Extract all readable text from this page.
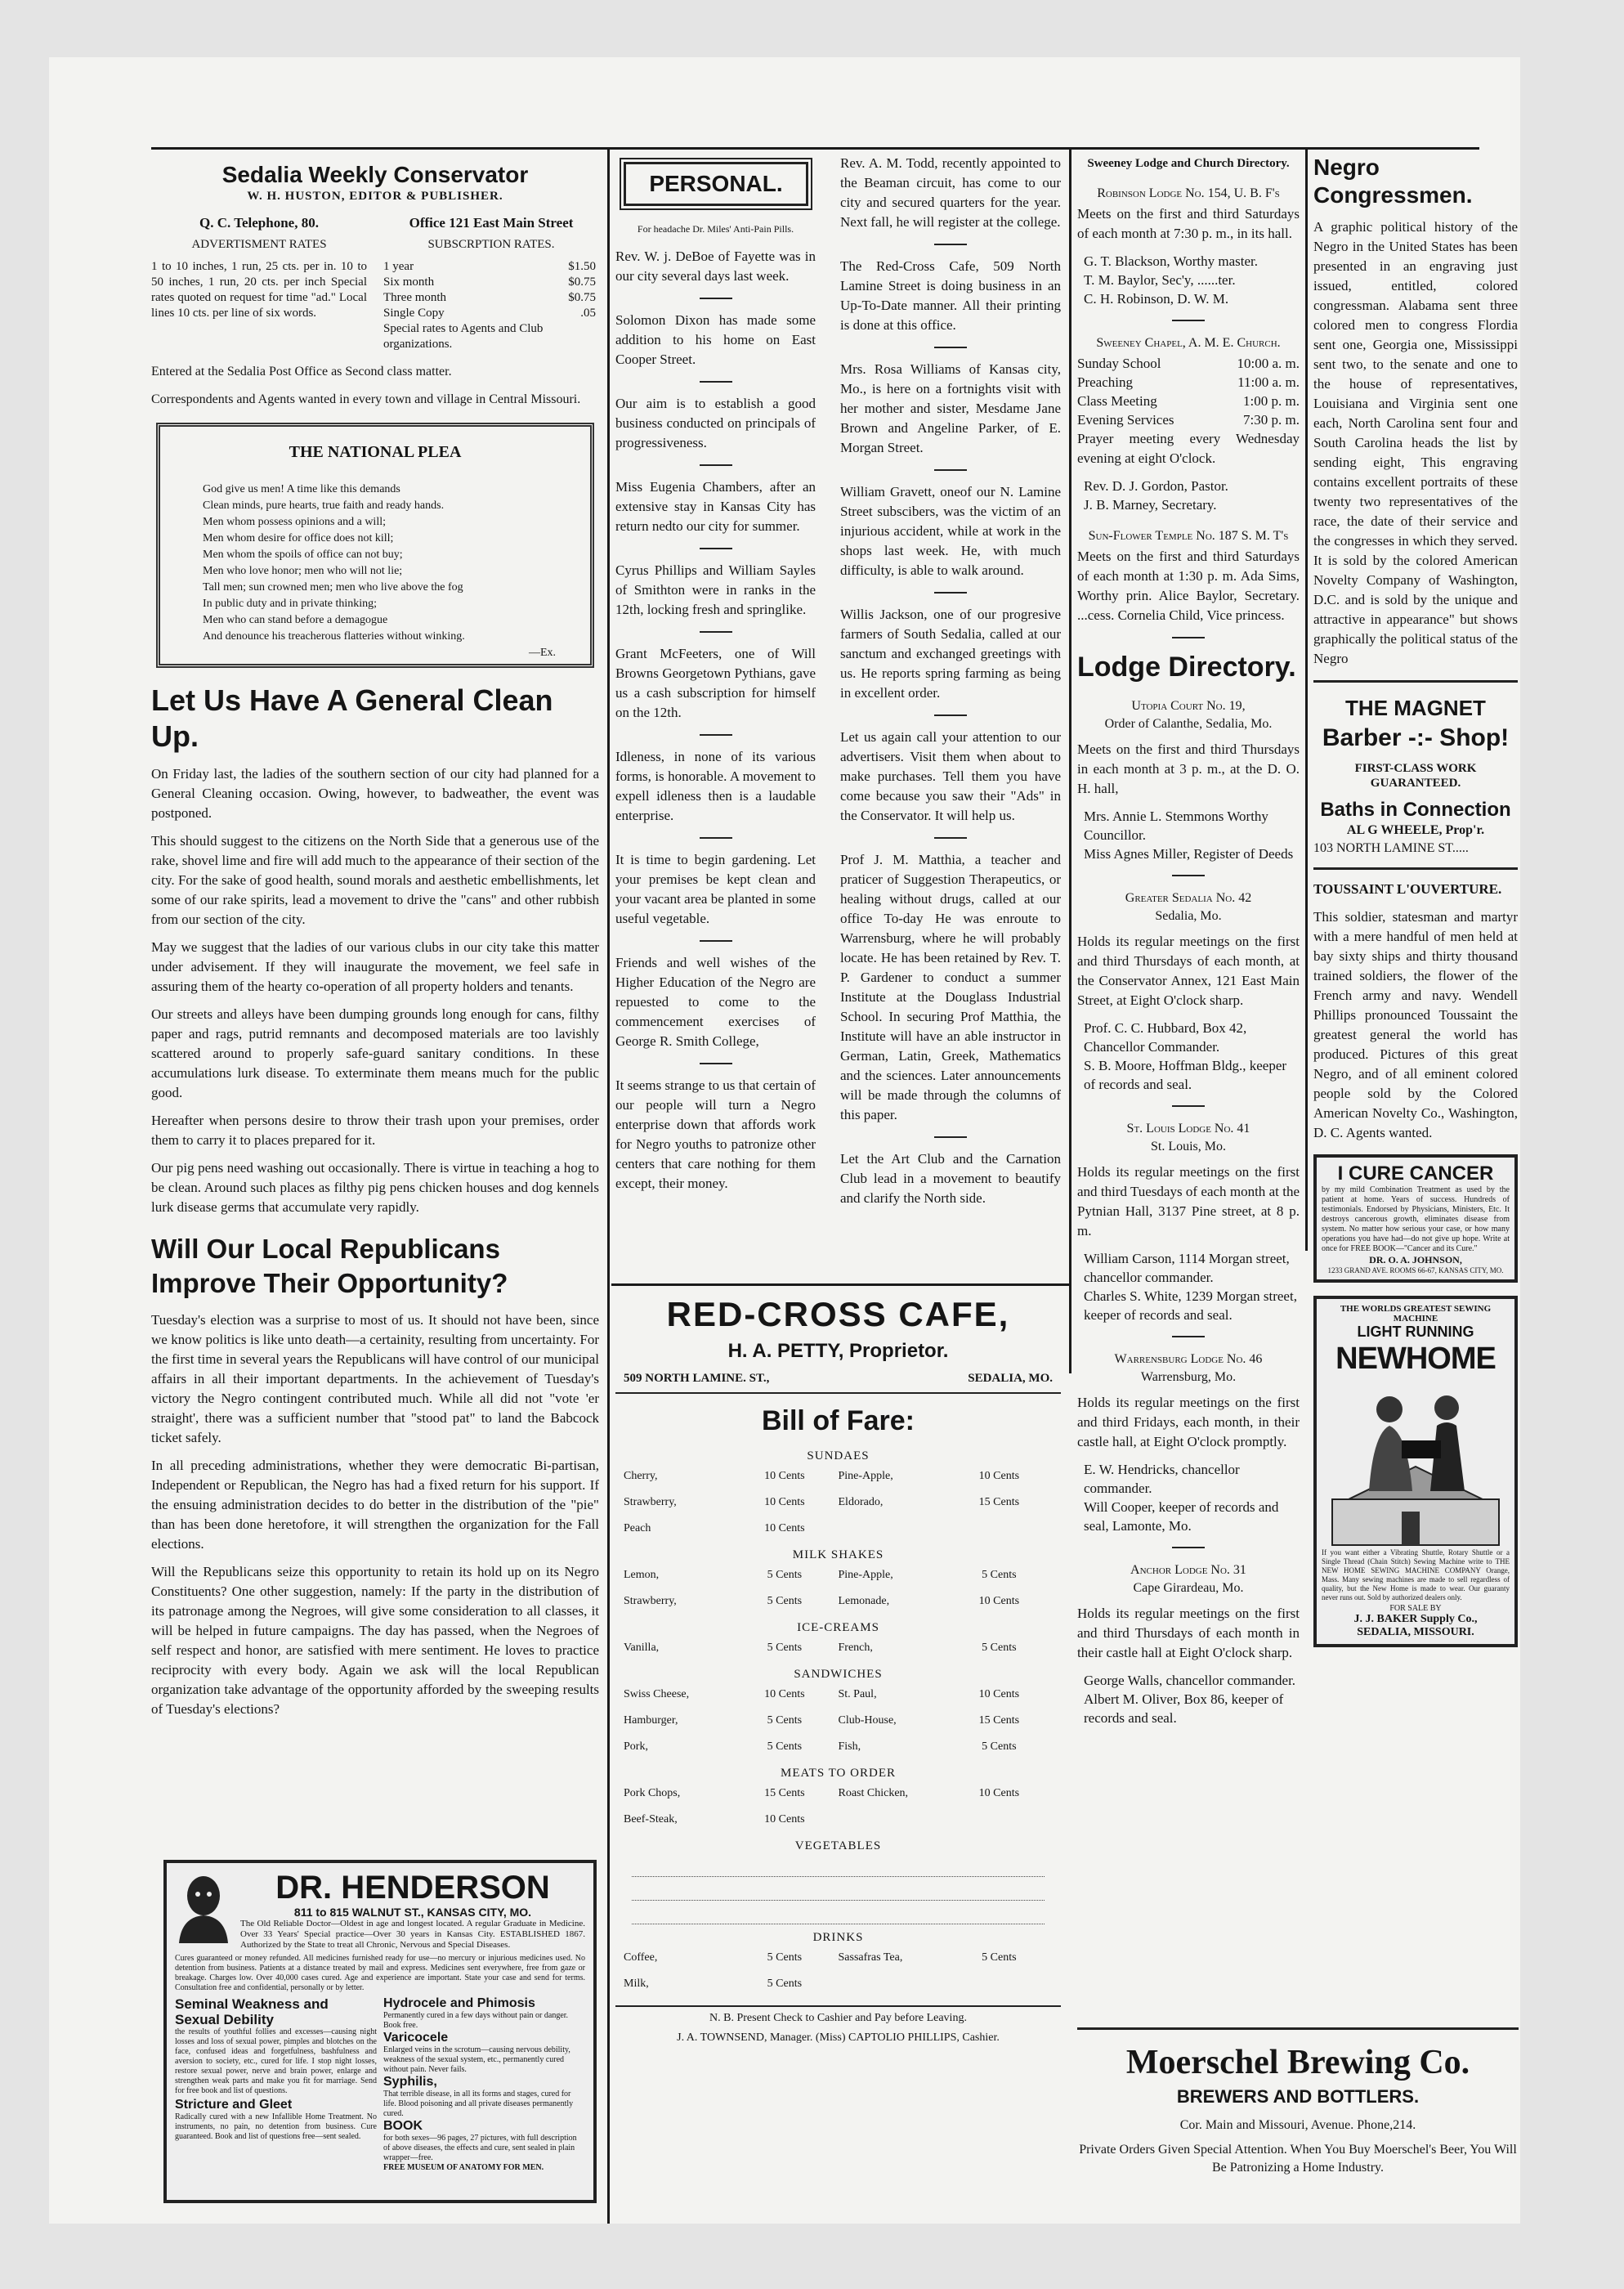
Sedalia Weekly Conservator
W. H. HUSTON, EDITOR & PUBLISHER.
Q. C. Telephone, 80.
ADVERTISMENT RATES
1 to 10 inches, 1 run, 25 cts. per in. 10 to 50 inches, 1 run, 20 cts. per inch Special rates quoted on request for time "ad." Local lines 10 cts. per line of six words.
Office 121 East Main Street
SUBSCRPTION RATES.
1 year	$1.50
Six month	$0.75
Three month	$0.75
Single Copy	.05
Special rates to Agents and Club organizations.

Entered at the Sedalia Post Office as Second class matter.

Correspondents and Agents wanted in every town and village in Central Missouri.

THE NATIONAL PLEA
God give us men! A time like this demands
Clean minds, pure hearts, true faith and ready hands.
Men whom possess opinions and a will;
Men whom desire for office does not kill;
Men whom the spoils of office can not buy;
Men who love honor; men who will not lie;
Tall men; sun crowned men; men who live above the fog
In public duty and in private thinking;
Men who can stand before a demagogue
And denounce his treacherous flatteries without winking.
—Ex.
Let Us Have A General Clean Up.

On Friday last, the ladies of the southern section of our city had planned for a General Cleaning occasion. Owing, however, to badweather, the event was postponed.

This should suggest to the citizens on the North Side that a generous use of the rake, shovel lime and fire will add much to the appearance of their section of the city. For the sake of good health, sound morals and aesthetic embellishments, let some of our rake spirits, lead a movement to drive the "cans" and other rubbish from our section of the city.

May we suggest that the ladies of our various clubs in our city take this matter under advisement. If they will inaugurate the movement, we feel safe in assuring them of the hearty co-operation of all property holders and tenants.

Our streets and alleys have been dumping grounds long enough for cans, filthy paper and rags, putrid remnants and decomposed materials are too lavishly scattered around to properly safe-guard sanitary conditions. In these accumulations lurk disease. To exterminate them means much for the public good.

Hereafter when persons desire to throw their trash upon your premises, order them to carry it to places prepared for it.

Our pig pens need washing out occasionally. There is virtue in teaching a hog to be clean. Around such places as filthy pig pens chicken houses and dog kennels lurk disease germs that accumulate very rapidly.

Will Our Local Republicans Improve Their Opportunity?

Tuesday's election was a surprise to most of us. It should not have been, since we know politics is like unto death—a certainity, resulting from uncertainty. For the first time in several years the Republicans will have control of our municipal affairs in all their important departments. In the achievement of Tuesday's victory the Negro contingent contributed much. While all did not "vote 'er straight', there was a sufficient number that "stood pat" to land the Babcock ticket safely.

In all preceding administrations, whether they were democratic Bi-partisan, Independent or Republican, the Negro has had a fixed return for his support. If the ensuing administration decides to do better in the distribution of the "pie" than has been done heretofore, it will strengthen the organization for the Fall elections.

Will the Republicans seize this opportunity to retain its hold up on its Negro Constituents? One other suggestion, namely: If the party in the distribution of its patronage among the Negroes, will give some consideration to all classes, it will be helped in future campaigns. The day has passed, when the Negroes of self respect and honor, are satisfied with mere sentiment. He loves to practice reciprocity with every body. Again we ask will the local Republican organization take advantage of the opportunity afforded by the sweeping results of Tuesday's elections?

DR. HENDERSON
811 to 815 WALNUT ST., KANSAS CITY, MO.
The Old Reliable Doctor—Oldest in age and longest located. A regular Graduate in Medicine. Over 33 Years' Special practice—Over 30 years in Kansas City. ESTABLISHED 1867. Authorized by the State to treat all Chronic, Nervous and Special Diseases.
Cures guaranteed or money refunded. All medicines furnished ready for use—no mercury or injurious medicines used. No detention from business. Patients at a distance treated by mail and express. Medicines sent everywhere, free from gaze or breakage. Charges low. Over 40,000 cases cured. Age and experience are important. State your case and send for terms. Consultation free and confidential, personally or by letter.
Seminal Weakness and Sexual Debility
the results of youthful follies and excesses—causing night losses and loss of sexual power, pimples and blotches on the face, confused ideas and forgetfulness, bashfulness and aversion to society, etc., cured for life. I stop night losses, restore sexual power, nerve and brain power, enlarge and strengthen weak parts and make you fit for marriage. Send for free book and list of questions.
Stricture and Gleet
Radically cured with a new Infallible Home Treatment. No instruments, no pain, no detention from business. Cure guaranteed. Book and list of questions free—sent sealed.
Hydrocele and Phimosis
Permanently cured in a few days without pain or danger. Book free.
Varicocele
Enlarged veins in the scrotum—causing nervous debility, weakness of the sexual system, etc., permanently cured without pain. Never fails.
Syphilis,
That terrible disease, in all its forms and stages, cured for life. Blood poisoning and all private diseases permanently cured.
BOOK
for both sexes—96 pages, 27 pictures, with full description of above diseases, the effects and cure, sent sealed in plain wrapper—free.
FREE MUSEUM OF ANATOMY FOR MEN.
PERSONAL.

For headache Dr. Miles' Anti-Pain Pills.

Rev. W. j. DeBoe of Fayette was in our city several days last week.

Solomon Dixon has made some addition to his home on East Cooper Street.

Our aim is to establish a good business conducted on principals of progressiveness.

Miss Eugenia Chambers, after an extensive stay in Kansas City has return nedto our city for summer.

Cyrus Phillips and William Sayles of Smithton were in ranks in the 12th, locking fresh and springlike.

Grant McFeeters, one of Will Browns Georgetown Pythians, gave us a cash subscription for himself on the 12th.

Idleness, in none of its various forms, is honorable. A movement to expell idleness then is a laudable enterprise.

It is time to begin gardening. Let your premises be kept clean and your vacant area be planted in some useful vegetable.

Friends and well wishes of the Higher Education of the Negro are repuested to come to the commencement exercises of George R. Smith College,

It seems strange to us that certain of our people will turn a Negro enterprise down that affords work for Negro youths to patronize other centers that care nothing for them except, their money.

Rev. A. M. Todd, recently appointed to the Beaman circuit, has come to our city and secured quarters for the year. Next fall, he will register at the college.

The Red-Cross Cafe, 509 North Lamine Street is doing business in an Up-To-Date manner. All their printing is done at this office.

Mrs. Rosa Williams of Kansas city, Mo., is here on a fortnights visit with her mother and sister, Mesdame Jane Brown and Angeline Parker, of E. Morgan Street.

William Gravett, oneof our N. Lamine Street subscibers, was the victim of an injurious accident, while at work in the shops last week. He, with much difficulty, is able to walk around.

Willis Jackson, one of our progresive farmers of South Sedalia, called at our sanctum and exchanged greetings with us. He reports spring farming as being in excellent order.

Let us again call your attention to our advertisers. Visit them when about to make purchases. Tell them you have come because you saw their "Ads" in the Conservator. It will help us.

Prof J. M. Matthia, a teacher and praticer of Suggestion Therapeutics, or healing without drugs, called at our office To-day He was enroute to Warrensburg, where he will probably locate. He has been retained by Rev. T. P. Gardener to conduct a summer Institute at the Douglass Industrial School. In securing Prof Matthia, the Institute will have an able instructor in German, Latin, Greek, Mathematics and the sciences. Later announcements will be made through the columns of this paper.

Let the Art Club and the Carnation Club lead in a movement to beautify and clarify the North side.

RED-CROSS CAFE,
H. A. PETTY, Proprietor.
509 NORTH LAMINE. ST.,	SEDALIA, MO.
Bill of Fare:
SUNDAES
Cherry,	10 Cents	Pine-Apple,	10 Cents
Strawberry,	10 Cents	Eldorado,	15 Cents
Peach	10 Cents
MILK SHAKES
Lemon,	5 Cents	Pine-Apple,	5 Cents
Strawberry,	5 Cents	Lemonade,	10 Cents
ICE-CREAMS
Vanilla,	5 Cents	French,	5 Cents
SANDWICHES
Swiss Cheese,	10 Cents	St. Paul,	10 Cents
Hamburger,	5 Cents	Club-House,	15 Cents
Pork,	5 Cents	Fish,	5 Cents
MEATS TO ORDER
Pork Chops,	15 Cents	Roast Chicken,	10 Cents
Beef-Steak,	10 Cents
VEGETABLES
DRINKS
Coffee,	5 Cents	Sassafras Tea,	5 Cents
Milk,	5 Cents
N. B. Present Check to Cashier and Pay before Leaving.
J. A. TOWNSEND, Manager. (Miss) CAPTOLIO PHILLIPS, Cashier.
Sweeney Lodge and Church Directory.
Robinson Lodge No. 154, U. B. F's

Meets on the first and third Saturdays of each month at 7:30 p. m., in its hall.

G. T. Blackson, Worthy master.
T. M. Baylor, Sec'y, ......ter.
C. H. Robinson, D. W. M.
Sweeney Chapel, A. M. E. Church.
Sunday School	10:00 a. m.
Preaching	11:00 a. m.
Class Meeting	1:00 p. m.
Evening Services	7:30 p. m.

Prayer meeting every Wednesday evening at eight O'clock.

Rev. D. J. Gordon, Pastor.
J. B. Marney, Secretary.
Sun-Flower Temple No. 187 S. M. T's

Meets on the first and third Saturdays of each month at 1:30 p. m. Ada Sims, Worthy prin. Alice Baylor, Secretary. ...cess. Cornelia Child, Vice princess.

Lodge Directory.
Utopia Court No. 19,
Order of Calanthe, Sedalia, Mo.

Meets on the first and third Thursdays in each month at 3 p. m., at the D. O. H. hall,

Mrs. Annie L. Stemmons Worthy Councillor.
Miss Agnes Miller, Register of Deeds
Greater Sedalia No. 42
Sedalia, Mo.

Holds its regular meetings on the first and third Thursdays of each month, at the Conservator Annex, 121 East Main Street, at Eight O'clock sharp.

Prof. C. C. Hubbard, Box 42, Chancellor Commander.
S. B. Moore, Hoffman Bldg., keeper of records and seal.
St. Louis Lodge No. 41
St. Louis, Mo.

Holds its regular meetings on the first and third Tuesdays of each month at the Pytnian Hall, 3137 Pine street, at 8 p. m.

William Carson, 1114 Morgan street, chancellor commander.
Charles S. White, 1239 Morgan street, keeper of records and seal.
Warrensburg Lodge No. 46
Warrensburg, Mo.

Holds its regular meetings on the first and third Fridays, each month, in their castle hall, at Eight O'clock promptly.

E. W. Hendricks, chancellor commander.
Will Cooper, keeper of records and seal, Lamonte, Mo.
Anchor Lodge No. 31
Cape Girardeau, Mo.

Holds its regular meetings on the first and third Thursdays of each month in their castle hall at Eight O'clock sharp.

George Walls, chancellor commander.
Albert M. Oliver, Box 86, keeper of records and seal.
Negro Congressmen.

A graphic political history of the Negro in the United States has been presented in an engraving just issued, entitled, colored congressman. Alabama sent three colored men to congress Flordia sent one, Georgia one, Mississippi sent two, to the senate and one to the house of representatives, Louisiana and Virginia sent one each, North Carolina sent four and South Carolina heads the list by sending eight, This engraving contains excellent portraits of these twenty two representatives of the race, the date of their service and the congresses in which they served. It is sold by the colored American Novelty Company of Washington, D.C. and is sold by the unique and attractive in appearance" but shows graphically the political status of the Negro

THE MAGNET
Barber -:- Shop!
FIRST-CLASS WORK GUARANTEED.
Baths in Connection
AL G WHEELE, Prop'r.
103 NORTH LAMINE ST.....
TOUSSAINT L'OUVERTURE.

This soldier, statesman and martyr with a mere handful of men held at bay sixty ships and thirty thousand trained soldiers, the flower of the French army and navy. Wendell Phillips pronounced Toussaint the greatest general the world has produced. Pictures of this great Negro, and of all eminent colored people sold by the Colored American Novelty Co., Washington, D. C. Agents wanted.

I CURE CANCER
by my mild Combination Treatment as used by the patient at home. Years of success. Hundreds of testimonials. Endorsed by Physicians, Ministers, Etc. It destroys cancerous growth, eliminates disease from system. No matter how serious your case, or how many operations you have had—do not give up hope. Write at once for FREE BOOK—"Cancer and its Cure."
DR. O. A. JOHNSON,
1233 GRAND AVE. ROOMS 66-67, KANSAS CITY, MO.
THE WORLDS GREATEST SEWING MACHINE
LIGHT RUNNING
NEWHOME
If you want either a Vibrating Shuttle, Rotary Shuttle or a Single Thread (Chain Stitch) Sewing Machine write to THE NEW HOME SEWING MACHINE COMPANY Orange, Mass. Many sewing machines are made to sell regardless of quality, but the New Home is made to wear. Our guaranty never runs out. Sold by authorized dealers only.
FOR SALE BY
J. J. BAKER Supply Co.,
SEDALIA, MISSOURI.
Moerschel Brewing Co.
BREWERS AND BOTTLERS.
Cor. Main and Missouri, Avenue. Phone,214.
Private Orders Given Special Attention. When You Buy Moerschel's Beer, You Will Be Patronizing a Home Industry.
